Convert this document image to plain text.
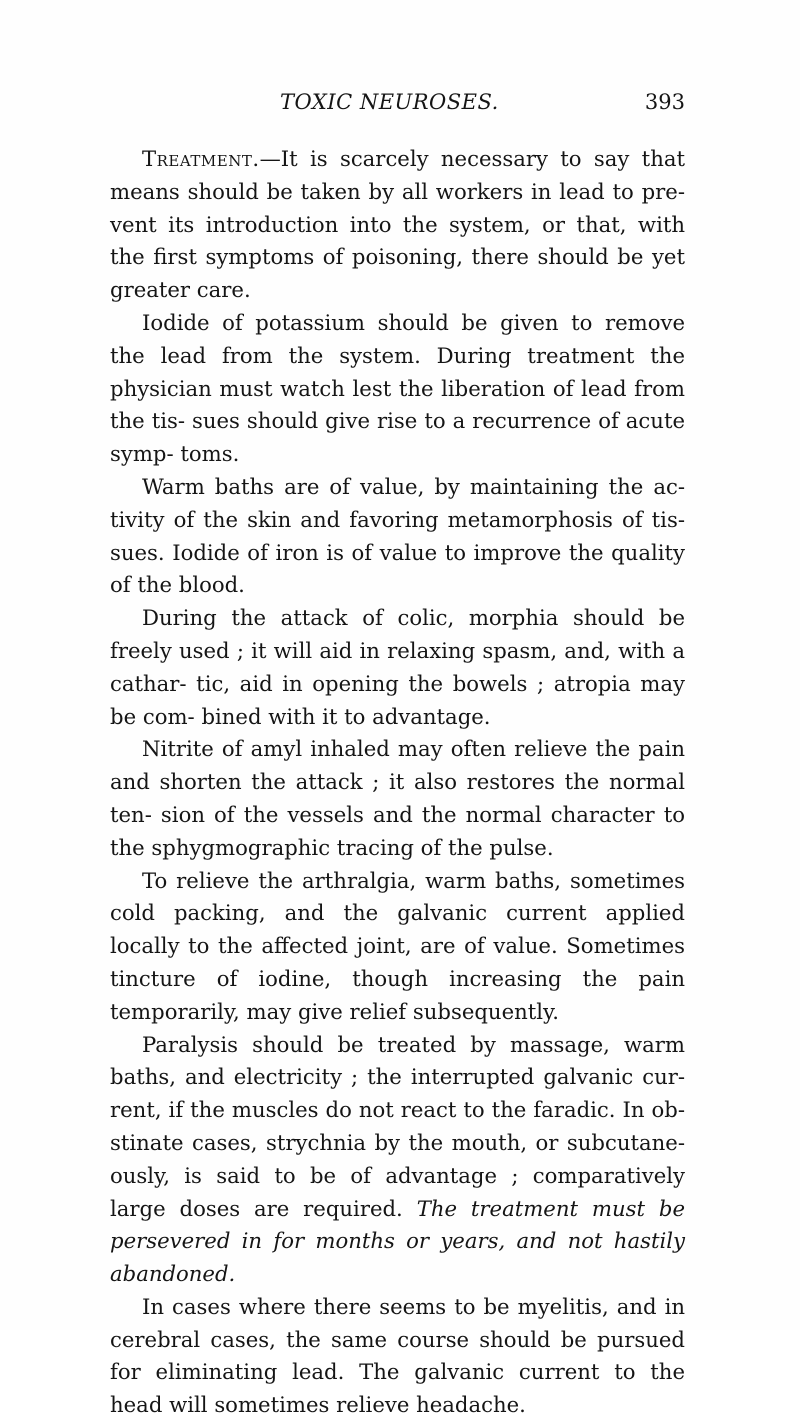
TOXIC NEUROSES.	393

Treatment.—It is scarcely necessary to say that means should be taken by all workers in lead to pre- vent its introduction into the system, or that, with the first symptoms of poisoning, there should be yet greater care.

Iodide of potassium should be given to remove the lead from the system. During treatment the physician must watch lest the liberation of lead from the tis- sues should give rise to a recurrence of acute symp- toms.

Warm baths are of value, by maintaining the ac- tivity of the skin and favoring metamorphosis of tis- sues. Iodide of iron is of value to improve the quality of the blood.

During the attack of colic, morphia should be freely used ; it will aid in relaxing spasm, and, with a cathar- tic, aid in opening the bowels ; atropia may be com- bined with it to advantage.

Nitrite of amyl inhaled may often relieve the pain and shorten the attack ; it also restores the normal ten- sion of the vessels and the normal character to the sphygmographic tracing of the pulse.

To relieve the arthralgia, warm baths, sometimes cold packing, and the galvanic current applied locally to the affected joint, are of value. Sometimes tincture of iodine, though increasing the pain temporarily, may give relief subsequently.

Paralysis should be treated by massage, warm baths, and electricity ; the interrupted galvanic cur- rent, if the muscles do not react to the faradic. In ob- stinate cases, strychnia by the mouth, or subcutane- ously, is said to be of advantage ; comparatively large doses are required. The treatment must be persevered in for months or years, and not hastily abandoned.

In cases where there seems to be myelitis, and in cerebral cases, the same course should be pursued for eliminating lead. The galvanic current to the head will sometimes relieve headache.
